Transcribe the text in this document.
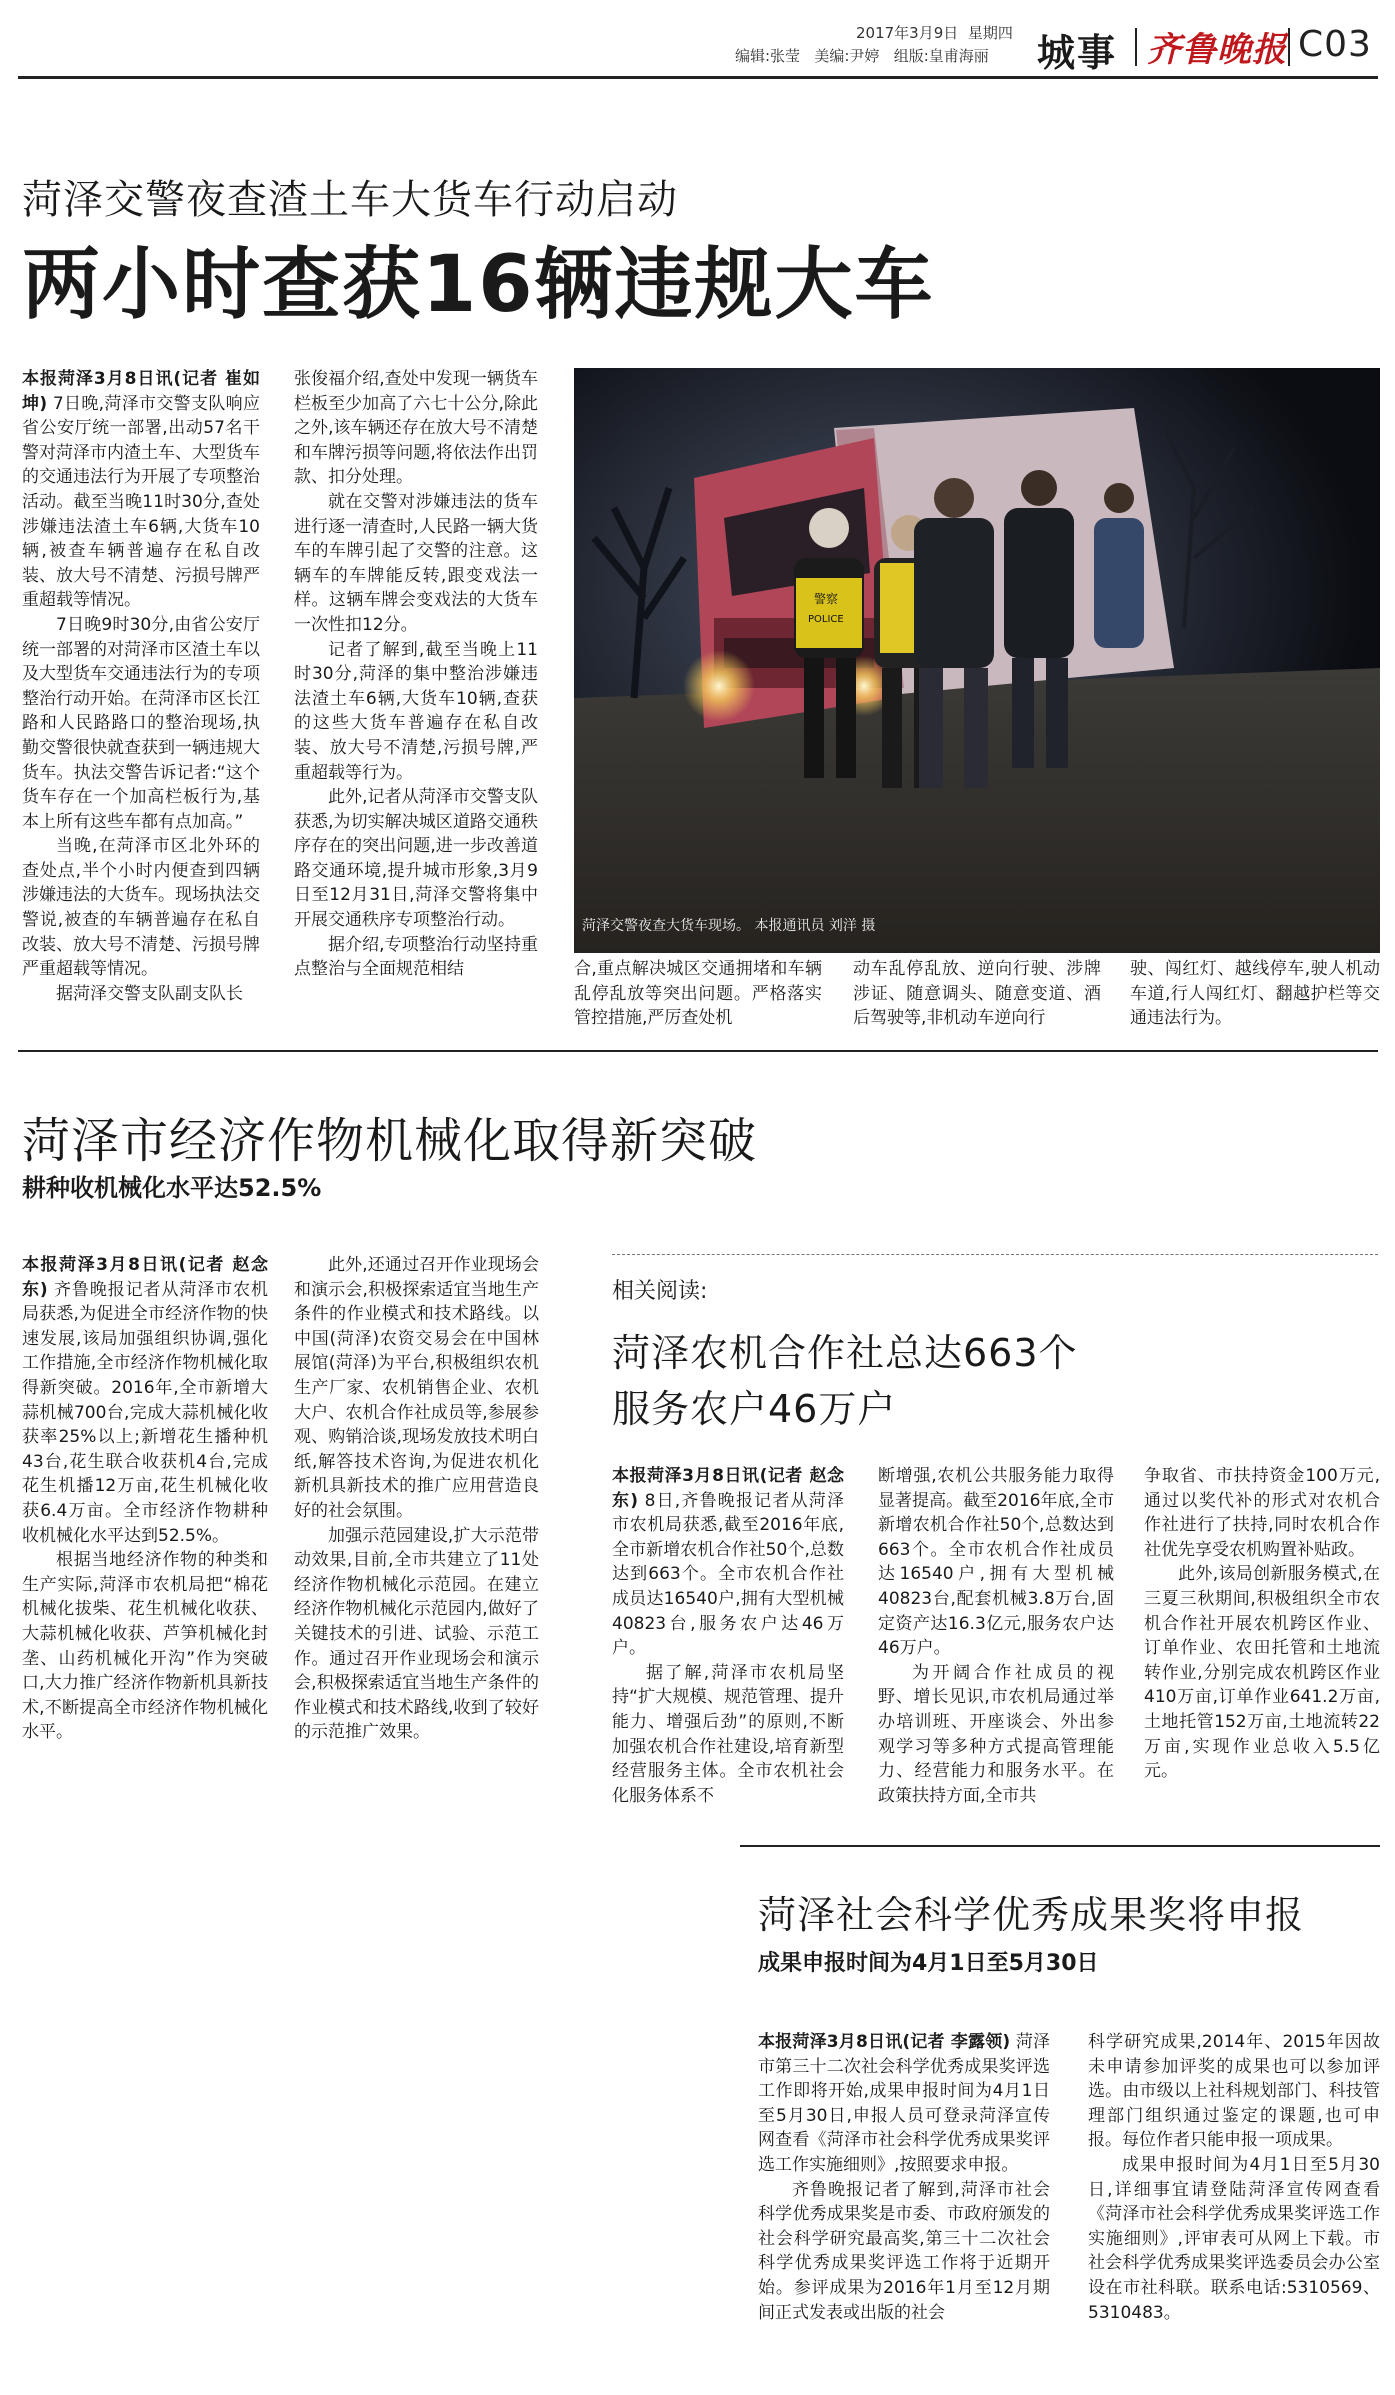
2017年3月9日 星期四
编辑:张莹 美编:尹婷 组版:皇甫海丽 城事 齐鲁晚报 C03
菏泽交警夜查渣土车大货车行动启动
两小时查获16辆违规大车

本报菏泽3月8日讯(记者 崔如坤) 7日晚,菏泽市交警支队响应省公安厅统一部署,出动57名干警对菏泽市内渣土车、大型货车的交通违法行为开展了专项整治活动。截至当晚11时30分,查处涉嫌违法渣土车6辆,大货车10辆,被查车辆普遍存在私自改装、放大号不清楚、污损号牌严重超载等情况。

7日晚9时30分,由省公安厅统一部署的对菏泽市区渣土车以及大型货车交通违法行为的专项整治行动开始。在菏泽市区长江路和人民路路口的整治现场,执勤交警很快就查获到一辆违规大货车。执法交警告诉记者:“这个货车存在一个加高栏板行为,基本上所有这些车都有点加高。”

当晚,在菏泽市区北外环的查处点,半个小时内便查到四辆涉嫌违法的大货车。现场执法交警说,被查的车辆普遍存在私自改装、放大号不清楚、污损号牌严重超载等情况。

据菏泽交警支队副支队长

张俊福介绍,查处中发现一辆货车栏板至少加高了六七十公分,除此之外,该车辆还存在放大号不清楚和车牌污损等问题,将依法作出罚款、扣分处理。

就在交警对涉嫌违法的货车进行逐一清查时,人民路一辆大货车的车牌引起了交警的注意。这辆车的车牌能反转,跟变戏法一样。这辆车牌会变戏法的大货车一次性扣12分。

记者了解到,截至当晚上11时30分,菏泽的集中整治涉嫌违法渣土车6辆,大货车10辆,查获的这些大货车普遍存在私自改装、放大号不清楚,污损号牌,严重超载等行为。

此外,记者从菏泽市交警支队获悉,为切实解决城区道路交通秩序存在的突出问题,进一步改善道路交通环境,提升城市形象,3月9日至12月31日,菏泽交警将集中开展交通秩序专项整治行动。

据介绍,专项整治行动坚持重点整治与全面规范相结

警察
POLICE
菏泽交警夜查大货车现场。 本报通讯员 刘洋 摄
合,重点解决城区交通拥堵和车辆乱停乱放等突出问题。严格落实管控措施,严厉查处机
动车乱停乱放、逆向行驶、涉牌涉证、随意调头、随意变道、酒后驾驶等,非机动车逆向行
驶、闯红灯、越线停车,驶人机动车道,行人闯红灯、翻越护栏等交通违法行为。
菏泽市经济作物机械化取得新突破
耕种收机械化水平达52.5%

本报菏泽3月8日讯(记者 赵念东) 齐鲁晚报记者从菏泽市农机局获悉,为促进全市经济作物的快速发展,该局加强组织协调,强化工作措施,全市经济作物机械化取得新突破。2016年,全市新增大蒜机械700台,完成大蒜机械化收获率25%以上;新增花生播种机43台,花生联合收获机4台,完成花生机播12万亩,花生机械化收获6.4万亩。全市经济作物耕种收机械化水平达到52.5%。

根据当地经济作物的种类和生产实际,菏泽市农机局把“棉花机械化拔柴、花生机械化收获、大蒜机械化收获、芦笋机械化封垄、山药机械化开沟”作为突破口,大力推广经济作物新机具新技术,不断提高全市经济作物机械化水平。

此外,还通过召开作业现场会和演示会,积极探索适宜当地生产条件的作业模式和技术路线。以中国(菏泽)农资交易会在中国林展馆(菏泽)为平台,积极组织农机生产厂家、农机销售企业、农机大户、农机合作社成员等,参展参观、购销洽谈,现场发放技术明白纸,解答技术咨询,为促进农机化新机具新技术的推广应用营造良好的社会氛围。

加强示范园建设,扩大示范带动效果,目前,全市共建立了11处经济作物机械化示范园。在建立经济作物机械化示范园内,做好了关键技术的引进、试验、示范工作。通过召开作业现场会和演示会,积极探索适宜当地生产条件的作业模式和技术路线,收到了较好的示范推广效果。

相关阅读:
菏泽农机合作社总达663个
服务农户46万户

本报菏泽3月8日讯(记者 赵念东) 8日,齐鲁晚报记者从菏泽市农机局获悉,截至2016年底,全市新增农机合作社50个,总数达到663个。全市农机合作社成员达16540户,拥有大型机械40823台,服务农户达46万户。

据了解,菏泽市农机局坚持“扩大规模、规范管理、提升能力、增强后劲”的原则,不断加强农机合作社建设,培育新型经营服务主体。全市农机社会化服务体系不

断增强,农机公共服务能力取得显著提高。截至2016年底,全市新增农机合作社50个,总数达到663个。全市农机合作社成员达16540户,拥有大型机械40823台,配套机械3.8万台,固定资产达16.3亿元,服务农户达46万户。

为开阔合作社成员的视野、增长见识,市农机局通过举办培训班、开座谈会、外出参观学习等多种方式提高管理能力、经营能力和服务水平。在政策扶持方面,全市共

争取省、市扶持资金100万元,通过以奖代补的形式对农机合作社进行了扶持,同时农机合作社优先享受农机购置补贴政。

此外,该局创新服务模式,在三夏三秋期间,积极组织全市农机合作社开展农机跨区作业、订单作业、农田托管和土地流转作业,分别完成农机跨区作业410万亩,订单作业641.2万亩,土地托管152万亩,土地流转22万亩,实现作业总收入5.5亿元。

菏泽社会科学优秀成果奖将申报
成果申报时间为4月1日至5月30日

本报菏泽3月8日讯(记者 李露领) 菏泽市第三十二次社会科学优秀成果奖评选工作即将开始,成果申报时间为4月1日至5月30日,申报人员可登录菏泽宣传网查看《菏泽市社会科学优秀成果奖评选工作实施细则》,按照要求申报。

齐鲁晚报记者了解到,菏泽市社会科学优秀成果奖是市委、市政府颁发的社会科学研究最高奖,第三十二次社会科学优秀成果奖评选工作将于近期开始。参评成果为2016年1月至12月期间正式发表或出版的社会

科学研究成果,2014年、2015年因故未申请参加评奖的成果也可以参加评选。由市级以上社科规划部门、科技管理部门组织通过鉴定的课题,也可申报。每位作者只能申报一项成果。

成果申报时间为4月1日至5月30日,详细事宜请登陆菏泽宣传网查看《菏泽市社会科学优秀成果奖评选工作实施细则》,评审表可从网上下载。市社会科学优秀成果奖评选委员会办公室设在市社科联。联系电话:5310569、5310483。
